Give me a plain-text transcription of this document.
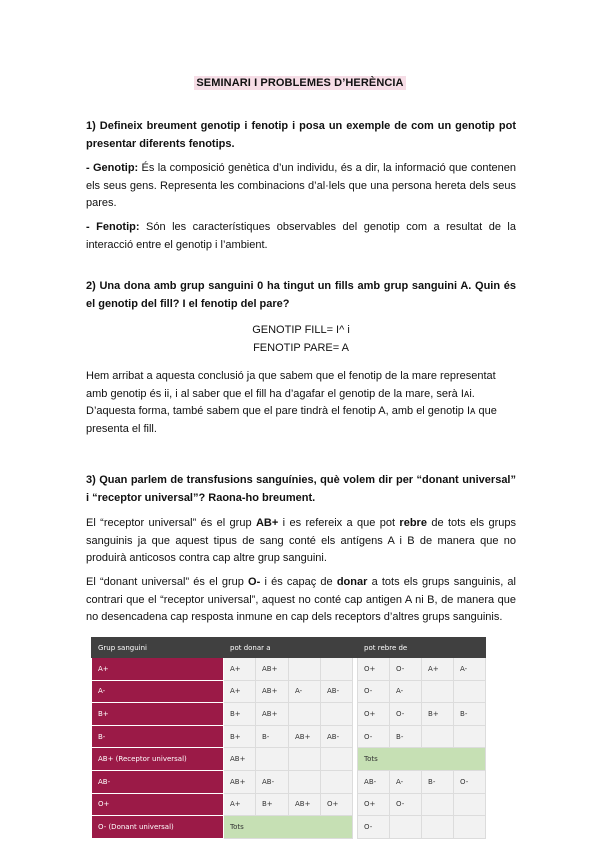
SEMINARI I PROBLEMES D’HERÈNCIA
1) Defineix breument genotip i fenotip i posa un exemple de com un genotip pot presentar diferents fenotips.
- Genotip: És la composició genètica d’un individu, és a dir, la informació que contenen els seus gens. Representa les combinacions d’al·lels que una persona hereta dels seus pares.
- Fenotip: Són les característiques observables del genotip com a resultat de la interacció entre el genotip i l’ambient.
2) Una dona amb grup sanguini 0 ha tingut un fills amb grup sanguini A. Quin és el genotip del fill? I el fenotip del pare?
GENOTIP FILL= I^ i
FENOTIP PARE= A
Hem arribat a aquesta conclusió ja que sabem que el fenotip de la mare representat amb genotip és ii, i al saber que el fill ha d’agafar el genotip de la mare, serà Iᴀi. D’aquesta forma, també sabem que el pare tindrà el fenotip A, amb el genotip Iᴀ que presenta el fill.
3) Quan parlem de transfusions sanguínies, què volem dir per “donant universal” i “receptor universal”? Raona-ho breument.
El “receptor universal” és el grup AB+ i es refereix a que pot rebre de tots els grups sanguinis ja que aquest tipus de sang conté els antígens A i B de manera que no produirà anticosos contra cap altre grup sanguini.
El “donant universal” és el grup O- i és capaç de donar a tots els grups sanguinis, al contrari que el “receptor universal”, aquest no conté cap antigen A ni B, de manera que no desencadena cap resposta inmune en cap dels receptors d’altres grups sanguinis.
Grup sanguini	pot donar a					pot rebre de			
A+	A+	AB+				O+	O-	A+	A-
A-	A+	AB+	A-	AB-		O-	A-		
B+	B+	AB+				O+	O-	B+	B-
B-	B+	B-	AB+	AB-		O-	B-		
AB+ (Receptor universal)	AB+					Tots			
AB-	AB+	AB-				AB-	A-	B-	O-
O+	A+	B+	AB+	O+		O+	O-		
O- (Donant universal)	Tots					O-			
